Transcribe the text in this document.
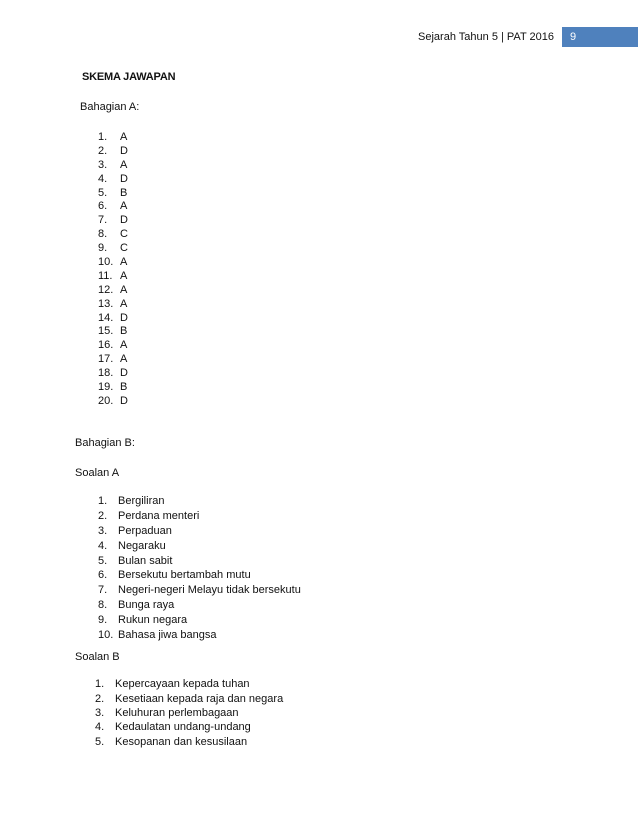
Sejarah Tahun 5 | PAT 2016	9
SKEMA JAWAPAN
Bahagian A:
1.	A
2.	D
3.	A
4.	D
5.	B
6.	A
7.	D
8.	C
9.	C
10. A
11. A
12. A
13. A
14. D
15. B
16. A
17. A
18. D
19. B
20. D
Bahagian B:
Soalan A
1. Bergiliran
2. Perdana menteri
3. Perpaduan
4. Negaraku
5. Bulan sabit
6. Bersekutu bertambah mutu
7. Negeri-negeri Melayu tidak bersekutu
8. Bunga raya
9. Rukun negara
10. Bahasa jiwa bangsa
Soalan B
1. Kepercayaan kepada tuhan
2. Kesetiaan kepada raja dan negara
3. Keluhuran perlembagaan
4. Kedaulatan undang-undang
5. Kesopanan dan kesusilaan
